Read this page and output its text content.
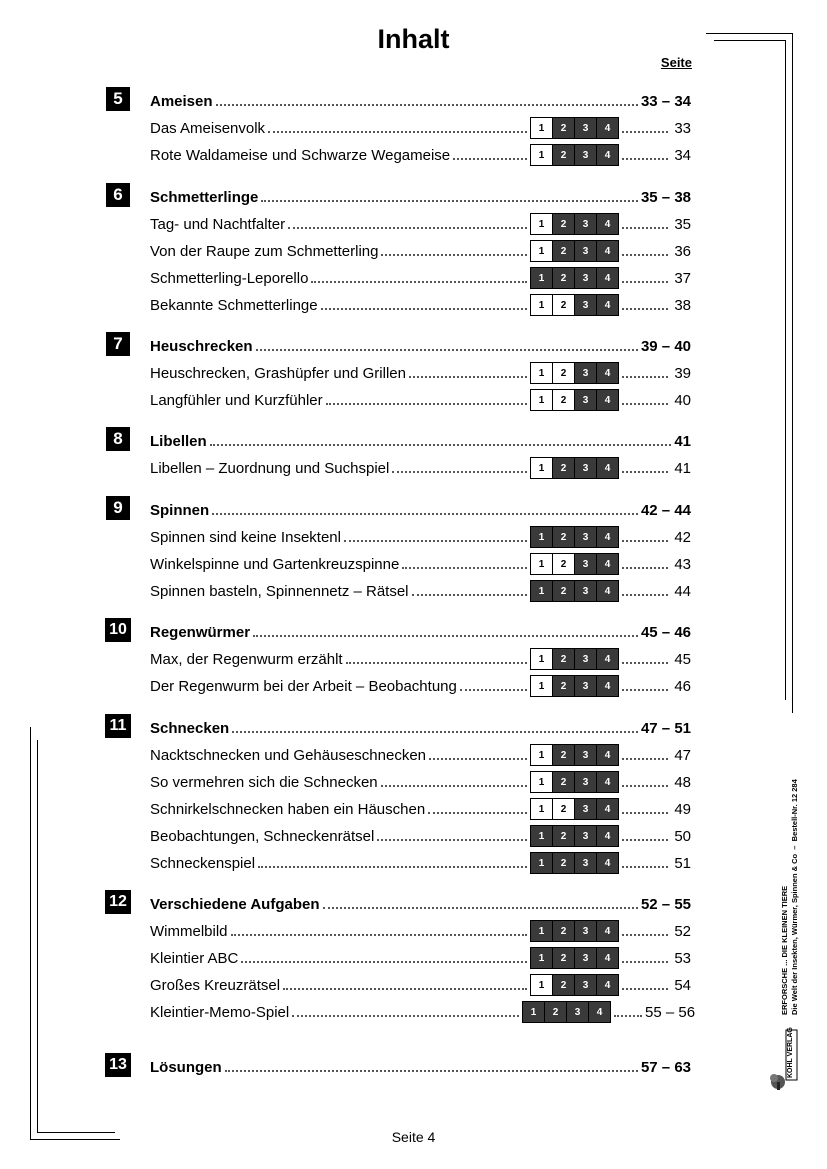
Inhalt
Seite
5	Ameisen	33 – 34
Das Ameisenvolk	1	2	3	4	33
Rote Waldameise und Schwarze Wegameise	1	2	3	4	34
6	Schmetterlinge	35 – 38
Tag- und Nachtfalter	1	2	3	4	35
Von der Raupe zum Schmetterling	1	2	3	4	36
Schmetterling-Leporello	1	2	3	4	37
Bekannte Schmetterlinge	1	2	3	4	38
7	Heuschrecken	39 – 40
Heuschrecken, Grashüpfer und Grillen	1	2	3	4	39
Langfühler und Kurzfühler	1	2	3	4	40
8	Libellen	41
Libellen – Zuordnung und Suchspiel	1	2	3	4	41
9	Spinnen	42 – 44
Spinnen sind keine Insektenl	1	2	3	4	42
Winkelspinne und Gartenkreuzspinne	1	2	3	4	43
Spinnen basteln, Spinnennetz – Rätsel	1	2	3	4	44
10 Regenwürmer	45 – 46
Max, der Regenwurm erzählt	1	2	3	4	45
Der Regenwurm bei der Arbeit – Beobachtung	1	2	3	4	46
11	Schnecken	47 – 51
Nacktschnecken und Gehäuseschnecken	1	2	3	4	47
So vermehren sich die Schnecken	1	2	3	4	48
Schnirkelschnecken haben ein Häuschen	1	2	3	4	49
Beobachtungen, Schneckenrätsel	1	2	3	4	50
Schneckenspiel	1	2	3	4	51
12 Verschiedene Aufgaben	52 – 55
Wimmelbild	1	2	3	4	52
Kleintier ABC	1	2	3	4	53
Großes Kreuzrätsel	1	2	3	4	54
Kleintier-Memo-Spiel	1	2	3	4	55 – 56
13 Lösungen	57 – 63
ERFORSCHE ... DIE KLEINEN TIERE Die Welt der Insekten, Würmer, Spinnen & Co  –  Bestell-Nr. 12 284
KOHL VERLAG
Seite 4
